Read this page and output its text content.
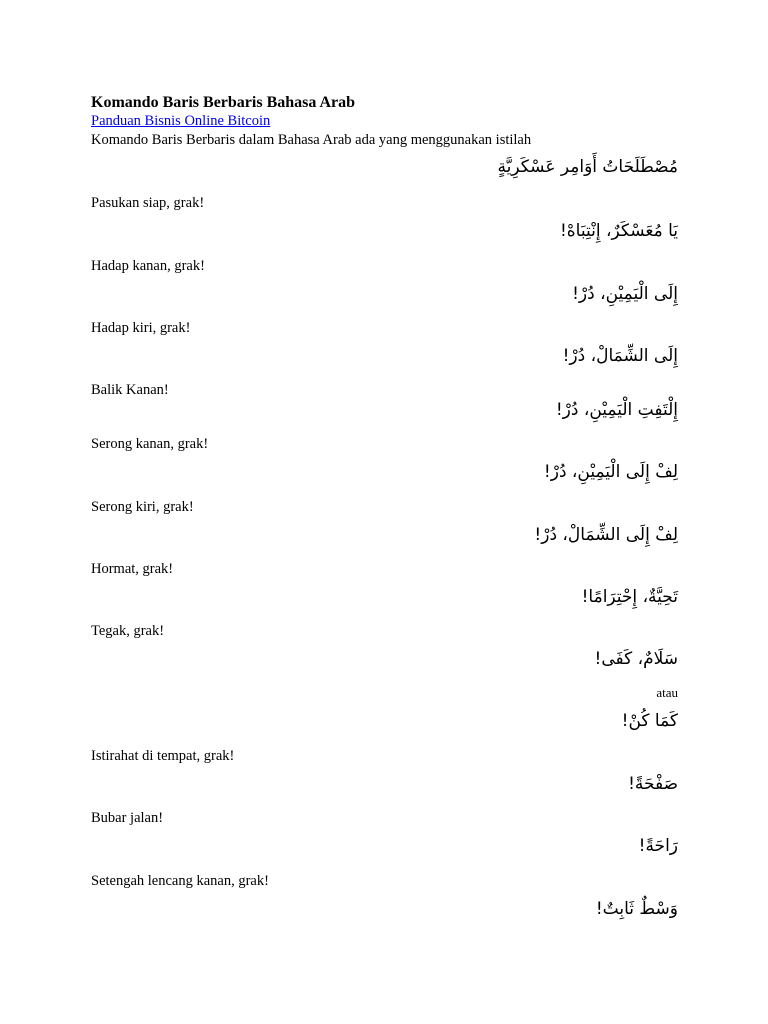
Komando Baris Berbaris Bahasa Arab
Panduan Bisnis Online Bitcoin
Komando Baris Berbaris dalam Bahasa Arab ada yang menggunakan istilah
مُصْطَلَحَاتُ أَوَامِر عَسْكَرِيَّةٍ
Pasukan siap, grak!
يَا مُعَسْكَرٌ، إِنْتِبَاهْ!
Hadap kanan, grak!
إِلَى الْيَمِيْنِ، دُرْ!
Hadap kiri, grak!
إِلَى الشِّمَالْ، دُرْ!
Balik Kanan!
إِلْتَفِتِ الْيَمِيْنِ، دُرْ!
Serong kanan, grak!
لِفْ إِلَى الْيَمِيْنِ، دُرْ!
Serong kiri, grak!
لِفْ إِلَى الشِّمَالْ، دُرْ!
Hormat, grak!
تَحِيَّةٌ، إِحْتِرَامًا!
Tegak, grak!
سَلَامٌ، كَفَى!
atau
كَمَا كُنْ!
Istirahat di tempat, grak!
صَفْحَةً!
Bubar jalan!
رَاحَةً!
Setengah lencang kanan, grak!
وَسْطٌ ثَابِتٌ!
